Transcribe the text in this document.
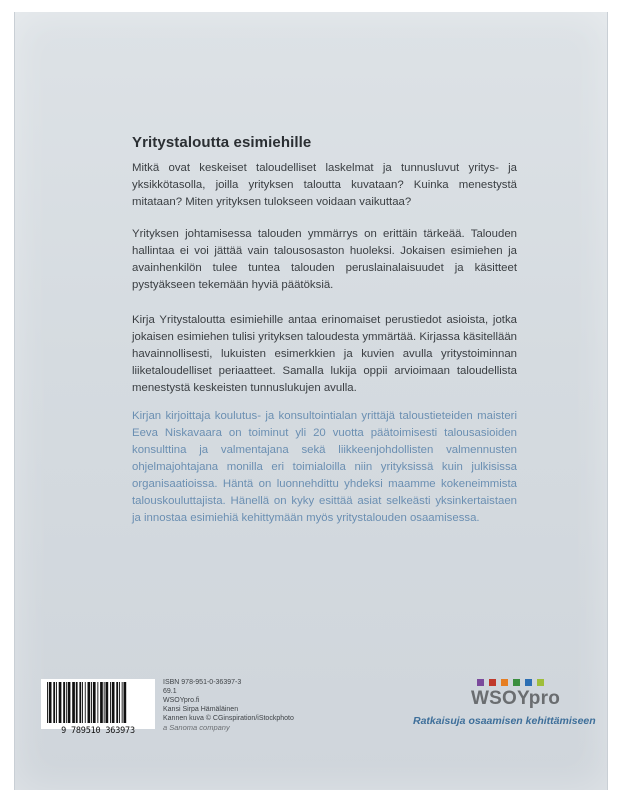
Yritystaloutta esimiehille

Mitkä ovat keskeiset taloudelliset laskelmat ja tunnusluvut yritys- ja yksikkötasolla, joilla yrityksen taloutta kuvataan? Kuinka menestystä mitataan? Miten yrityksen tulokseen voidaan vaikuttaa?

Yrityksen johtamisessa talouden ymmärrys on erittäin tärkeää. Talouden hallintaa ei voi jättää vain talousosaston huoleksi. Jokaisen esimiehen ja avainhenkilön tulee tuntea talouden peruslainalaisuudet ja käsitteet pystyäkseen tekemään hyviä päätöksiä.

Kirja Yritystaloutta esimiehille antaa erinomaiset perustiedot asioista, jotka jokaisen esimiehen tulisi yrityksen taloudesta ymmärtää. Kirjassa käsitellään havainnollisesti, lukuisten esimerkkien ja kuvien avulla yritystoiminnan liiketaloudelliset periaatteet. Samalla lukija oppii arvioimaan taloudellista menestystä keskeisten tunnuslukujen avulla.

Kirjan kirjoittaja koulutus- ja konsultointialan yrittäjä taloustieteiden maisteri Eeva Niskavaara on toiminut yli 20 vuotta päätoimisesti talousasioiden konsulttina ja valmentajana sekä liikkeenjohdollisten valmennusten ohjelmajohtajana monilla eri toimialoilla niin yrityksissä kuin julkisissa organisaatioissa. Häntä on luonnehdittu yhdeksi maamme kokeneimmista talouskouluttajista. Hänellä on kyky esittää asiat selkeästi yksinkertaistaen ja innostaa esimiehiä kehittymään myös yritystalouden osaamisessa.

9 789510 363973
ISBN 978-951-0-36397-3
69.1
WSOYpro.fi
Kansi Sirpa Hämäläinen
Kannen kuva © CGinspiration/iStockphoto
a Sanoma company
WSOYpro
Ratkaisuja osaamisen kehittämiseen
